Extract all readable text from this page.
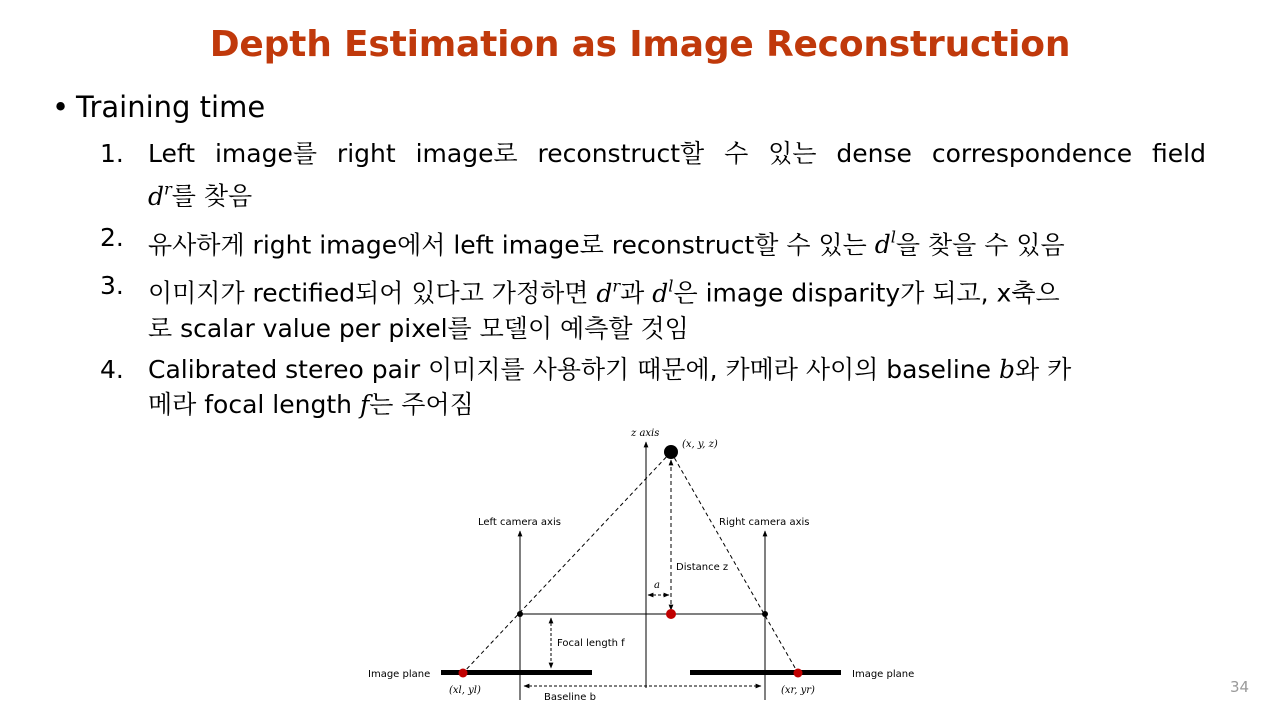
Depth Estimation as Image Reconstruction
• Training time
1. Left image를 right image로 reconstruct할 수 있는 dense correspondence field
$d^r$를 찾음
2. 유사하게 right image에서 left image로 reconstruct할 수 있는 $d^l$을 찾을 수 있음
3. 이미지가 rectified되어 있다고 가정하면 $d^r$과 $d^l$은 image disparity가 되고, x축으
로 scalar value per pixel를 모델이 예측할 것임
4. Calibrated stereo pair 이미지를 사용하기 때문에, 카메라 사이의 baseline b와 카
메라 focal length f는 주어짐
z axis
Left camera axis	Right camera axis
Distance z
a
Focal length f
Image plane	Image plane
Baseline b
(x, y, z)
(xl, yl)	(xr, yr)	34
